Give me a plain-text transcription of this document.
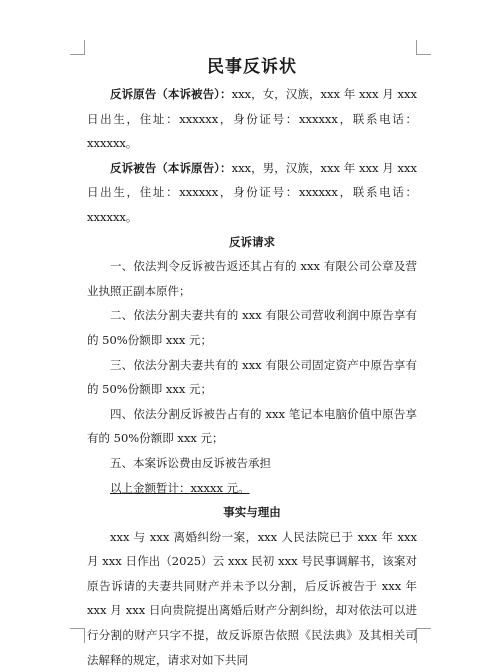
民事反诉状

反诉原告（本诉被告）：xxx，女，汉族，xxx 年 xxx 月 xxx 日出生，住址：xxxxxx，身份证号：xxxxxx，联系电话：xxxxxx。

反诉被告（本诉原告）：xxx，男，汉族，xxx 年 xxx 月 xxx 日出生，住址：xxxxxx，身份证号：xxxxxx，联系电话：xxxxxx。

反诉请求

一、依法判令反诉被告返还其占有的 xxx 有限公司公章及营业执照正副本原件；

二、依法分割夫妻共有的 xxx 有限公司营收利润中原告享有的 50%份额即 xxx 元；

三、依法分割夫妻共有的 xxx 有限公司固定资产中原告享有的 50%份额即 xxx 元；

四、依法分割反诉被告占有的 xxx 笔记本电脑价值中原告享有的 50%份额即 xxx 元；

五、本案诉讼费由反诉被告承担

以上金额暂计：xxxxx 元。

事实与理由

xxx 与 xxx 离婚纠纷一案，xxx 人民法院已于 xxx 年 xxx 月 xxx 日作出（2025）云 xxx 民初 xxx 号民事调解书，该案对原告诉请的夫妻共同财产并未予以分割，后反诉被告于 xxx 年 xxx 月 xxx 日向贵院提出离婚后财产分割纠纷，却对依法可以进行分割的财产只字不提，故反诉原告依照《民法典》及其相关司法解释的规定，请求对如下共同
